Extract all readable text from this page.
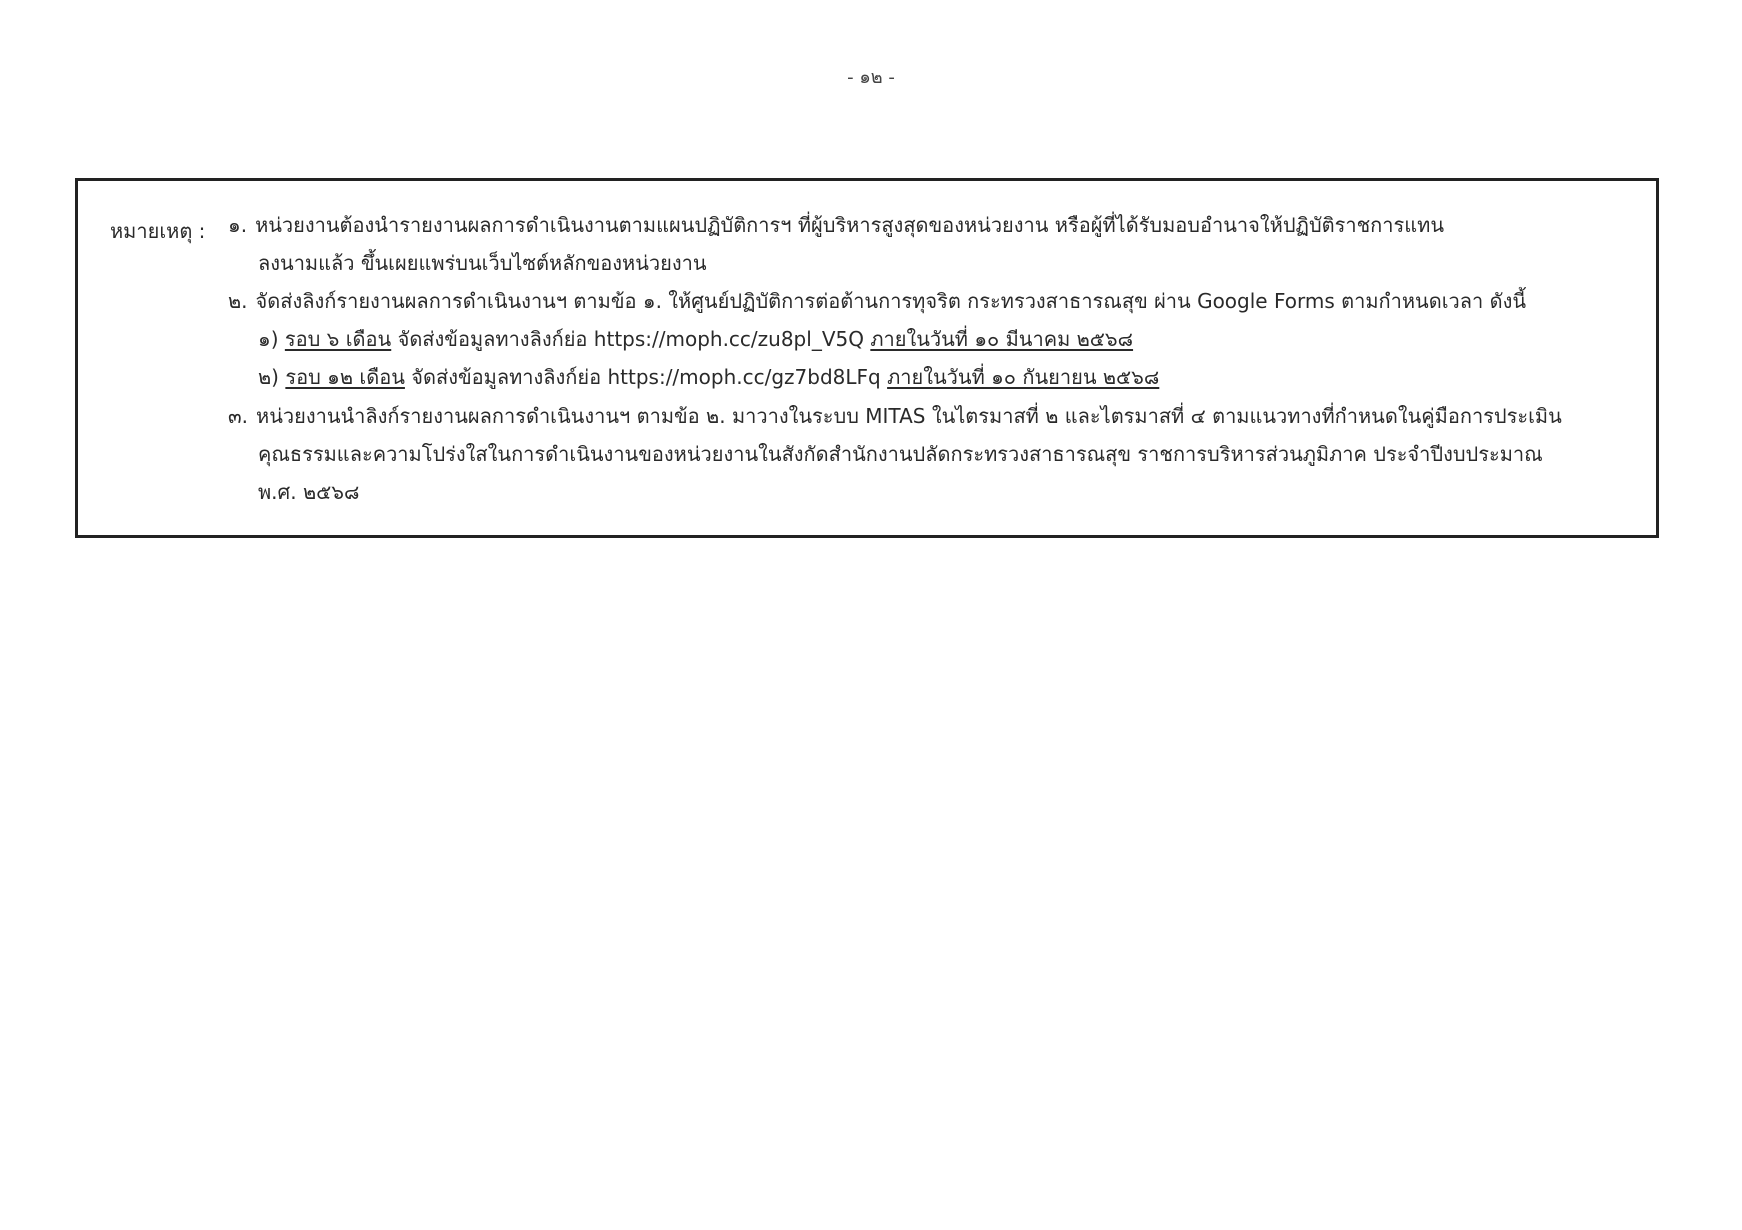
- ๑๒ -
หมายเหตุ : ๑. หน่วยงานต้องนำรายงานผลการดำเนินงานตามแผนปฏิบัติการฯ ที่ผู้บริหารสูงสุดของหน่วยงาน หรือผู้ที่ได้รับมอบอำนาจให้ปฏิบัติราชการแทน
ลงนามแล้ว ขึ้นเผยแพร่บนเว็บไซต์หลักของหน่วยงาน
๒. จัดส่งลิงก์รายงานผลการดำเนินงานฯ ตามข้อ ๑. ให้ศูนย์ปฏิบัติการต่อต้านการทุจริต กระทรวงสาธารณสุข ผ่าน Google Forms ตามกำหนดเวลา ดังนี้
๑) รอบ ๖ เดือน จัดส่งข้อมูลทางลิงก์ย่อ https://moph.cc/zu8pl_V5Q ภายในวันที่ ๑๐ มีนาคม ๒๕๖๘
๒) รอบ ๑๒ เดือน จัดส่งข้อมูลทางลิงก์ย่อ https://moph.cc/gz7bd8LFq ภายในวันที่ ๑๐ กันยายน ๒๕๖๘
๓. หน่วยงานนำลิงก์รายงานผลการดำเนินงานฯ ตามข้อ ๒. มาวางในระบบ MITAS ในไตรมาสที่ ๒ และไตรมาสที่ ๔ ตามแนวทางที่กำหนดในคู่มือการประเมิน
คุณธรรมและความโปร่งใสในการดำเนินงานของหน่วยงานในสังกัดสำนักงานปลัดกระทรวงสาธารณสุข ราชการบริหารส่วนภูมิภาค ประจำปีงบประมาณ
พ.ศ. ๒๕๖๘
